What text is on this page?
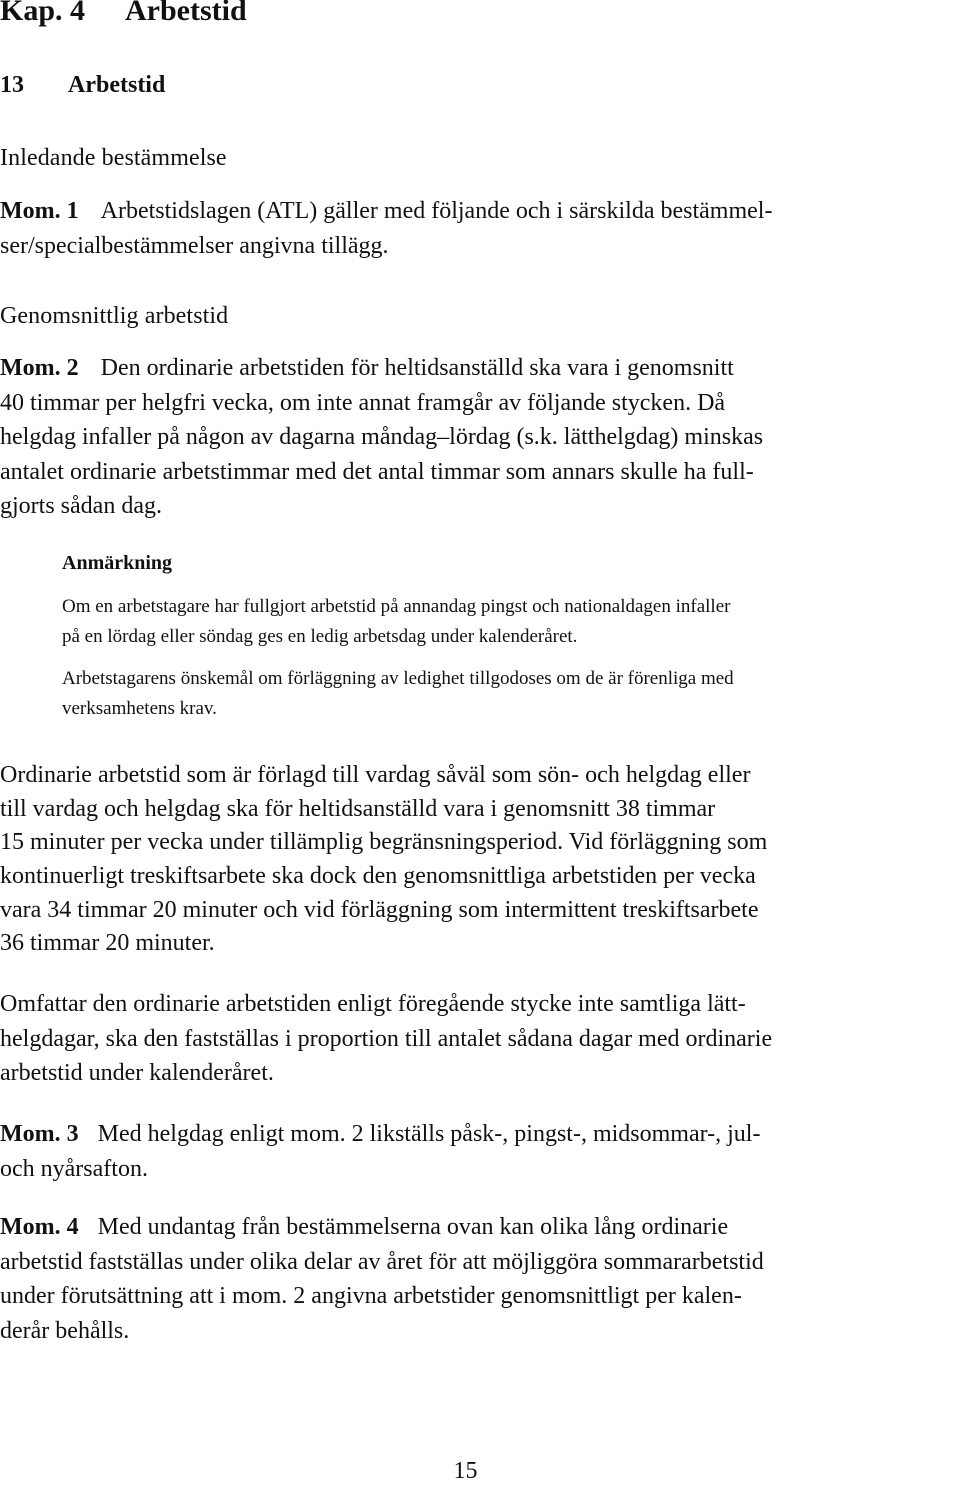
Kap. 4 Arbetstid
13 Arbetstid
Inledande bestämmelse
Mom. 1 Arbetstidslagen (ATL) gäller med följande och i särskilda bestämmel-
ser/specialbestämmelser angivna tillägg.
Genomsnittlig arbetstid
Mom. 2 Den ordinarie arbetstiden för heltidsanställd ska vara i genomsnitt
40 timmar per helgfri vecka, om inte annat framgår av följande stycken. Då
helgdag infaller på någon av dagarna måndag–lördag (s.k. lätthelgdag) minskas
antalet ordinarie arbetstimmar med det antal timmar som annars skulle ha full-
gjorts sådan dag.
Anmärkning
Om en arbetstagare har fullgjort arbetstid på annandag pingst och nationaldagen infaller
på en lördag eller söndag ges en ledig arbetsdag under kalenderåret.
Arbetstagarens önskemål om förläggning av ledighet tillgodoses om de är förenliga med
verksamhetens krav.
Ordinarie arbetstid som är förlagd till vardag såväl som sön- och helgdag eller
till vardag och helgdag ska för heltidsanställd vara i genomsnitt 38 timmar
15 minuter per vecka under tillämplig begränsningsperiod. Vid förläggning som
kontinuerligt treskiftsarbete ska dock den genomsnittliga arbetstiden per vecka
vara 34 timmar 20 minuter och vid förläggning som intermittent treskiftsarbete
36 timmar 20 minuter.
Omfattar den ordinarie arbetstiden enligt föregående stycke inte samtliga lätt-
helgdagar, ska den fastställas i proportion till antalet sådana dagar med ordinarie
arbetstid under kalenderåret.
Mom. 3 Med helgdag enligt mom. 2 likställs påsk-, pingst-, midsommar-, jul-
och nyårsafton.
Mom. 4 Med undantag från bestämmelserna ovan kan olika lång ordinarie
arbetstid fastställas under olika delar av året för att möjliggöra sommararbetstid
under förutsättning att i mom. 2 angivna arbetstider genomsnittligt per kalen-
derår behålls.
15
